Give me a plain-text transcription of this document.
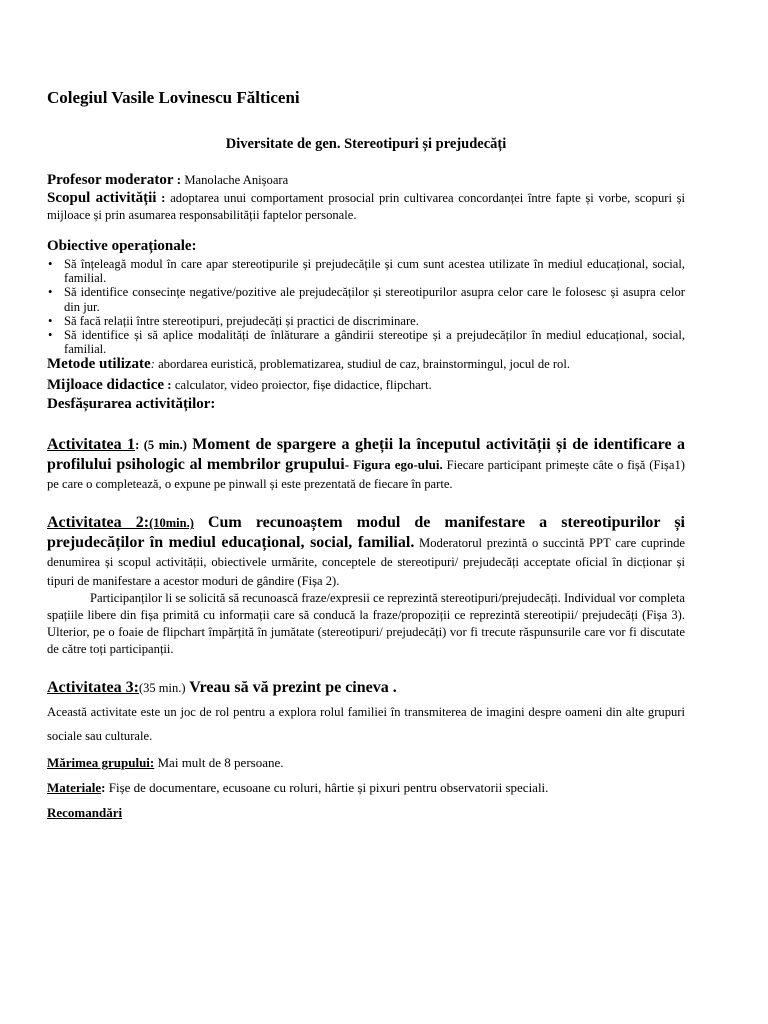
Colegiul Vasile Lovinescu Fălticeni

Diversitate de gen. Stereotipuri și prejudecăți

Profesor moderator : Manolache Anișoara

Scopul activității : adoptarea unui comportament prosocial prin cultivarea concordanței între fapte și vorbe, scopuri și mijloace și prin asumarea responsabilității faptelor personale.

Obiective operaționale:

• Să înțeleagă modul în care apar stereotipurile și prejudecățile și cum sunt acestea utilizate în mediul educațional, social, familial.
• Să identifice consecințe negative/pozitive ale prejudecăților și stereotipurilor asupra celor care le folosesc și asupra celor din jur.
• Să facă relații între stereotipuri, prejudecăți și practici de discriminare.
• Să identifice și să aplice modalități de înlăturare a gândirii stereotipe și a prejudecăților în mediul educațional, social, familial.

Metode utilizate: abordarea euristică, problematizarea, studiul de caz, brainstormingul, jocul de rol.

Mijloace didactice : calculator, video proiector, fișe didactice, flipchart.

Desfășurarea activităților:

Activitatea 1: (5 min.) Moment de spargere a gheții la începutul activității și de identificare a profilului psihologic al membrilor grupului- Figura ego-ului. Fiecare participant primește câte o fișă (Fișa1) pe care o completează, o expune pe pinwall și este prezentată de fiecare în parte.

Activitatea 2:(10min.) Cum recunoaștem modul de manifestare a stereotipurilor și prejudecăților în mediul educațional, social, familial. Moderatorul prezintă o succintă PPT care cuprinde denumirea și scopul activității, obiectivele urmărite, conceptele de stereotipuri/ prejudecăți acceptate oficial în dicționar și tipuri de manifestare a acestor moduri de gândire (Fișa 2).

Participanților li se solicită să recunoască fraze/expresii ce reprezintă stereotipuri/prejudecăți. Individual vor completa spațiile libere din fișa primită cu informații care să conducă la fraze/propoziții ce reprezintă stereotipii/ prejudecăți (Fișa 3). Ulterior, pe o foaie de flipchart împărțită în jumătate (stereotipuri/ prejudecăți) vor fi trecute răspunsurile care vor fi discutate de către toți participanții.

Activitatea 3:(35 min.) Vreau să vă prezint pe cineva .

Această activitate este un joc de rol pentru a explora rolul familiei în transmiterea de imagini despre oameni din alte grupuri sociale sau culturale.

Mărimea grupului: Mai mult de 8 persoane.

Materiale: Fișe de documentare, ecusoane cu roluri, hârtie și pixuri pentru observatorii speciali.

Recomandări
